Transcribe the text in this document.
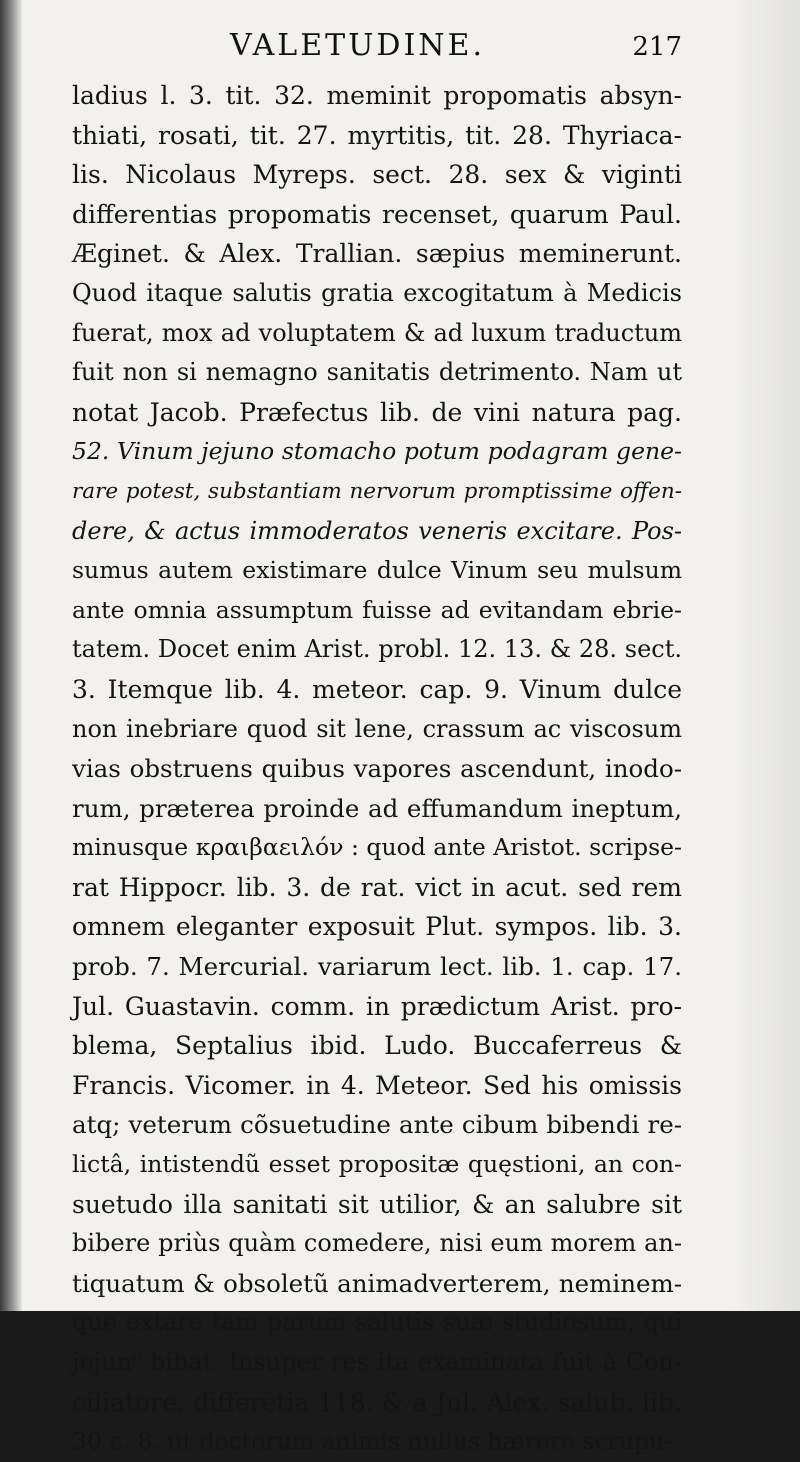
VALETUDINE.	217
ladius l. 3. tit. 32. meminit propomatis absyn-
thiati, rosati, tit. 27. myrtitis, tit. 28. Thyriaca-
lis. Nicolaus Myreps. sect. 28. sex & viginti
differentias propomatis recenset, quarum Paul.
Æginet. & Alex. Trallian. sæpius meminerunt.
Quod itaque salutis gratia excogitatum à Medicis
fuerat, mox ad voluptatem & ad luxum traductum
fuit non si nemagno sanitatis detrimento. Nam ut
notat Jacob. Præfectus lib. de vini natura pag.
52. Vinum jejuno stomacho potum podagram gene-
rare potest, substantiam nervorum promptissime offen-
dere, & actus immoderatos veneris excitare. Pos-
sumus autem existimare dulce Vinum seu mulsum
ante omnia assumptum fuisse ad evitandam ebrie-
tatem. Docet enim Arist. probl. 12. 13. & 28. sect.
3. Itemque lib. 4. meteor. cap. 9. Vinum dulce
non inebriare quod sit lene, crassum ac viscosum
vias obstruens quibus vapores ascendunt, inodo-
rum, præterea proinde ad effumandum ineptum,
minusque κραιβαειλόν : quod ante Aristot. scripse-
rat Hippocr. lib. 3. de rat. vict in acut. sed rem
omnem eleganter exposuit Plut. sympos. lib. 3.
prob. 7. Mercurial. variarum lect. lib. 1. cap. 17.
Jul. Guastavin. comm. in prædictum Arist. pro-
blema, Septalius ibid. Ludo. Buccaferreus &
Francis. Vicomer. in 4. Meteor. Sed his omissis
atq; veterum cõsuetudine ante cibum bibendi re-
lictâ, intistendũ esset propositæ quęstioni, an con-
suetudo illa sanitati sit utilior, & an salubre sit
bibere priùs quàm comedere, nisi eum morem an-
tiquatum & obsoletũ animadverterem, neminem-
que extare tam parum salutis suæ studiosum, qui
jejunᵒ bibat. Insuper res ita examinata fuit à Con-
ciliatore, differẽtia 118. & à Jul. Alex. salub. lib.
30 c. 8. ut doctorum animis nullus hærere scrupu-
